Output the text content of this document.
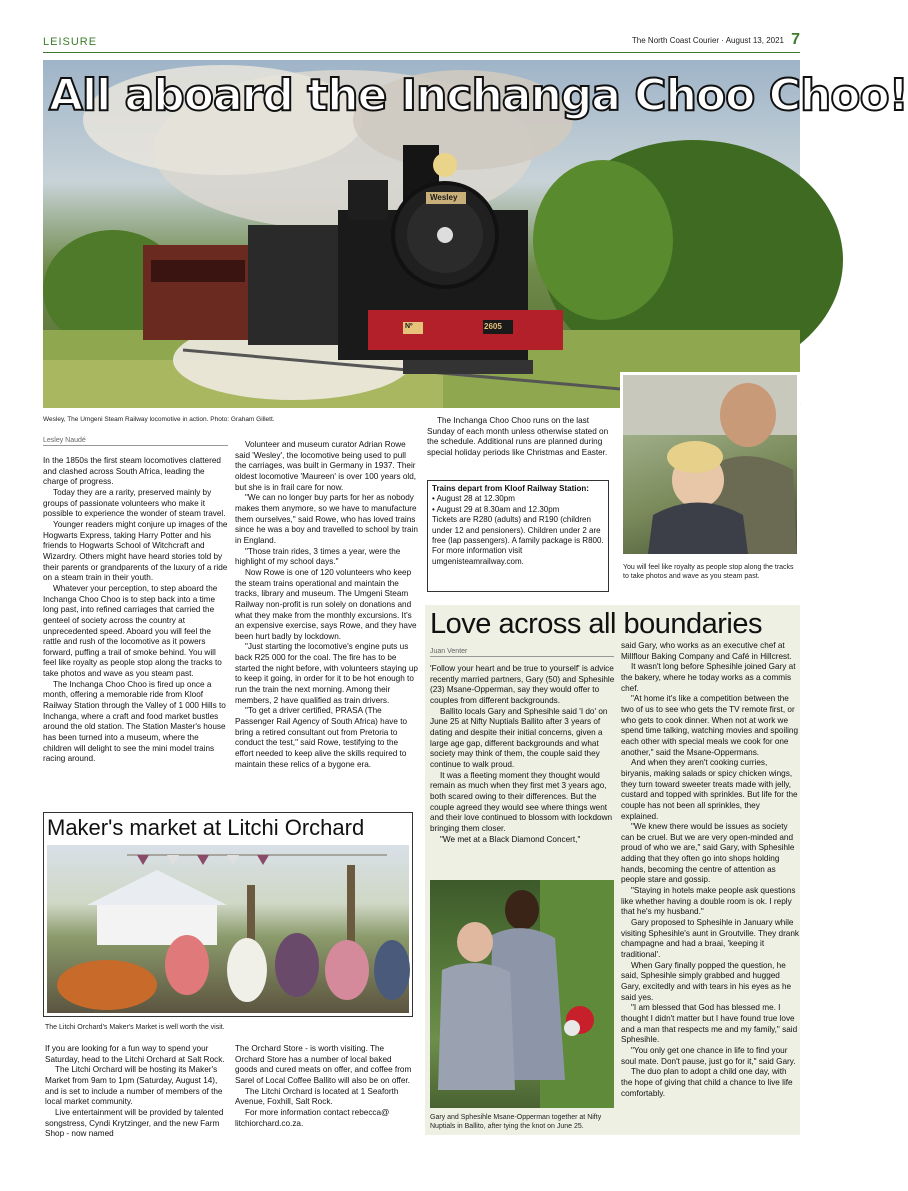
LEISURE	The North Coast Courier · August 13, 2021 7
All aboard the Inchanga Choo Choo!
Wesley
Nº	2605
Wesley, The Umgeni Steam Railway locomotive in action. Photo: Graham Gillett.
You will feel like royalty as people stop along the tracks to take photos and wave as you steam past.
Lesley Naudé

In the 1850s the first steam locomotives clattered and clashed across South Africa, leading the charge of progress.

Today they are a rarity, preserved mainly by groups of passionate volunteers who make it possible to experience the wonder of steam travel.

Younger readers might conjure up images of the Hogwarts Express, taking Harry Potter and his friends to Hogwarts School of Witchcraft and Wizardry. Others might have heard stories told by their parents or grandparents of the luxury of a ride on a steam train in their youth.

Whatever your perception, to step aboard the Inchanga Choo Choo is to step back into a time long past, into refined carriages that carried the genteel of society across the country at unprecedented speed. Aboard you will feel the rattle and rush of the locomotive as it powers forward, puffing a trail of smoke behind. You will feel like royalty as people stop along the tracks to take photos and wave as you steam past.

The Inchanga Choo Choo is fired up once a month, offering a memorable ride from Kloof Railway Station through the Valley of 1 000 Hills to Inchanga, where a craft and food market bustles around the old station. The Station Master's house has been turned into a museum, where the children will delight to see the mini model trains racing around.

Volunteer and museum curator Adrian Rowe said 'Wesley', the locomotive being used to pull the carriages, was built in Germany in 1937. Their oldest locomotive 'Maureen' is over 100 years old, but she is in frail care for now.

"We can no longer buy parts for her as nobody makes them anymore, so we have to manufacture them ourselves," said Rowe, who has loved trains since he was a boy and travelled to school by train in England.

"Those train rides, 3 times a year, were the highlight of my school days."

Now Rowe is one of 120 volunteers who keep the steam trains operational and maintain the tracks, library and museum. The Umgeni Steam Railway non-profit is run solely on donations and what they make from the monthly excursions. It's an expensive exercise, says Rowe, and they have been hurt badly by lockdown.

"Just starting the locomotive's engine puts us back R25 000 for the coal. The fire has to be started the night before, with volunteers staying up to keep it going, in order for it to be hot enough to run the train the next morning. Among their members, 2 have qualified as train drivers.

"To get a driver certified, PRASA (The Passenger Rail Agency of South Africa) have to bring a retired consultant out from Pretoria to conduct the test," said Rowe, testifying to the effort needed to keep alive the skills required to maintain these relics of a bygone era.

The Inchanga Choo Choo runs on the last Sunday of each month unless otherwise stated on the schedule. Additional runs are planned during special holiday periods like Christmas and Easter.

Trains depart from Kloof Railway Station:
• August 28 at 12.30pm
• August 29 at 8.30am and 12.30pm
Tickets are R280 (adults) and R190 (children under 12 and pensioners). Children under 2 are free (lap passengers). A family package is R800.
For more information visit umgenisteamrailway.com.
Maker's market at Litchi Orchard
The Litchi Orchard's Maker's Market is well worth the visit.

If you are looking for a fun way to spend your Saturday, head to the Litchi Orchard at Salt Rock.

The Litchi Orchard will be hosting its Maker's Market from 9am to 1pm (Saturday, August 14), and is set to include a number of members of the local market community.

Live entertainment will be provided by talented songstress, Cyndi Krytzinger, and the new Farm Shop - now named

The Orchard Store - is worth visiting. The Orchard Store has a number of local baked goods and cured meats on offer, and coffee from Sarel of Local Coffee Ballito will also be on offer.

The Litchi Orchard is located at 1 Seaforth Avenue, Foxhill, Salt Rock.

For more information contact rebecca@ litchiorchard.co.za.

Love across all boundaries
Juan Venter

'Follow your heart and be true to yourself' is advice recently married partners, Gary (50) and Sphesihle (23) Msane-Opperman, say they would offer to couples from different backgrounds.

Ballito locals Gary and Sphesihle said 'I do' on June 25 at Nifty Nuptials Ballito after 3 years of dating and despite their initial concerns, given a large age gap, different backgrounds and what society may think of them, the couple said they continue to walk proud.

It was a fleeting moment they thought would remain as much when they first met 3 years ago, both scared owing to their differences. But the couple agreed they would see where things went and their love continued to blossom with lockdown bringing them closer.

"We met at a Black Diamond Concert,"

Gary and Sphesihle Msane-Opperman together at Nifty Nuptials in Ballito, after tying the knot on June 25.

said Gary, who works as an executive chef at Millflour Baking Company and Café in Hillcrest.

It wasn't long before Sphesihle joined Gary at the bakery, where he today works as a commis chef.

"At home it's like a competition between the two of us to see who gets the TV remote first, or who gets to cook dinner. When not at work we spend time talking, watching movies and spoiling each other with special meals we cook for one another," said the Msane-Oppermans.

And when they aren't cooking curries, biryanis, making salads or spicy chicken wings, they turn toward sweeter treats made with jelly, custard and topped with sprinkles. But life for the couple has not been all sprinkles, they explained.

"We knew there would be issues as society can be cruel. But we are very open-minded and proud of who we are," said Gary, with Sphesihle adding that they often go into shops holding hands, becoming the centre of attention as people stare and gossip.

"Staying in hotels make people ask questions like whether having a double room is ok. I reply that he's my husband."

Gary proposed to Sphesihle in January while visiting Sphesihle's aunt in Groutville. They drank champagne and had a braai, 'keeping it traditional'.

When Gary finally popped the question, he said, Sphesihle simply grabbed and hugged Gary, excitedly and with tears in his eyes as he said yes.

"I am blessed that God has blessed me. I thought I didn't matter but I have found true love and a man that respects me and my family," said Sphesihle.

"You only get one chance in life to find your soul mate. Don't pause, just go for it," said Gary.

The duo plan to adopt a child one day, with the hope of giving that child a chance to live life comfortably.
